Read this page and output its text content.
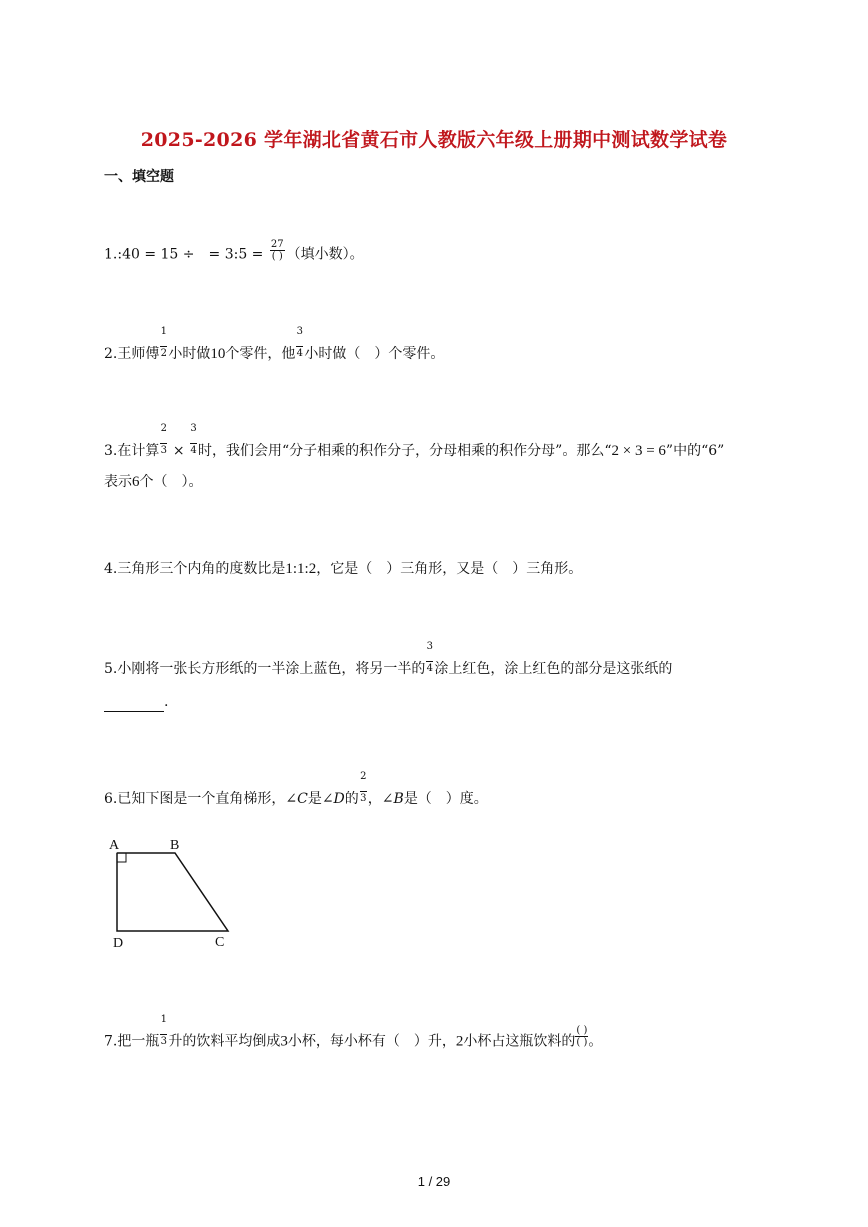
2025-2026 学年湖北省黄石市人教版六年级上册期中测试数学试卷
一、填空题
1.:40 = 15 ÷　= 3:5 = $\frac{27}{( )}$ （填小数）。
2.王师傅 $\frac{1}{2}$ 小时做10个零件，他 $\frac{3}{4}$ 小时做（　）个零件。
3.在计算 $\frac{2}{3} \times \frac{3}{4}$ 时，我们会用“分子相乘的积作分子，分母相乘的积作分母”。那么“2 × 3 = 6”中的“6”
表示6个（　）。
4.三角形三个内角的度数比是1:1:2，它是（　）三角形，又是（　）三角形。
5.小刚将一张长方形纸的一半涂上蓝色，将另一半的 $\frac{3}{4}$ 涂上红色，涂上红色的部分是这张纸的
.
6.已知下图是一个直角梯形，∠C是∠D的 $\frac{2}{3}$ ，∠B是（　）度。
A	B
C
D
7.把一瓶 $\frac{1}{3}$ 升的饮料平均倒成3小杯，每小杯有（　）升，2小杯占这瓶饮料的 $\frac{( )}{( )}$ 。
1 / 29
